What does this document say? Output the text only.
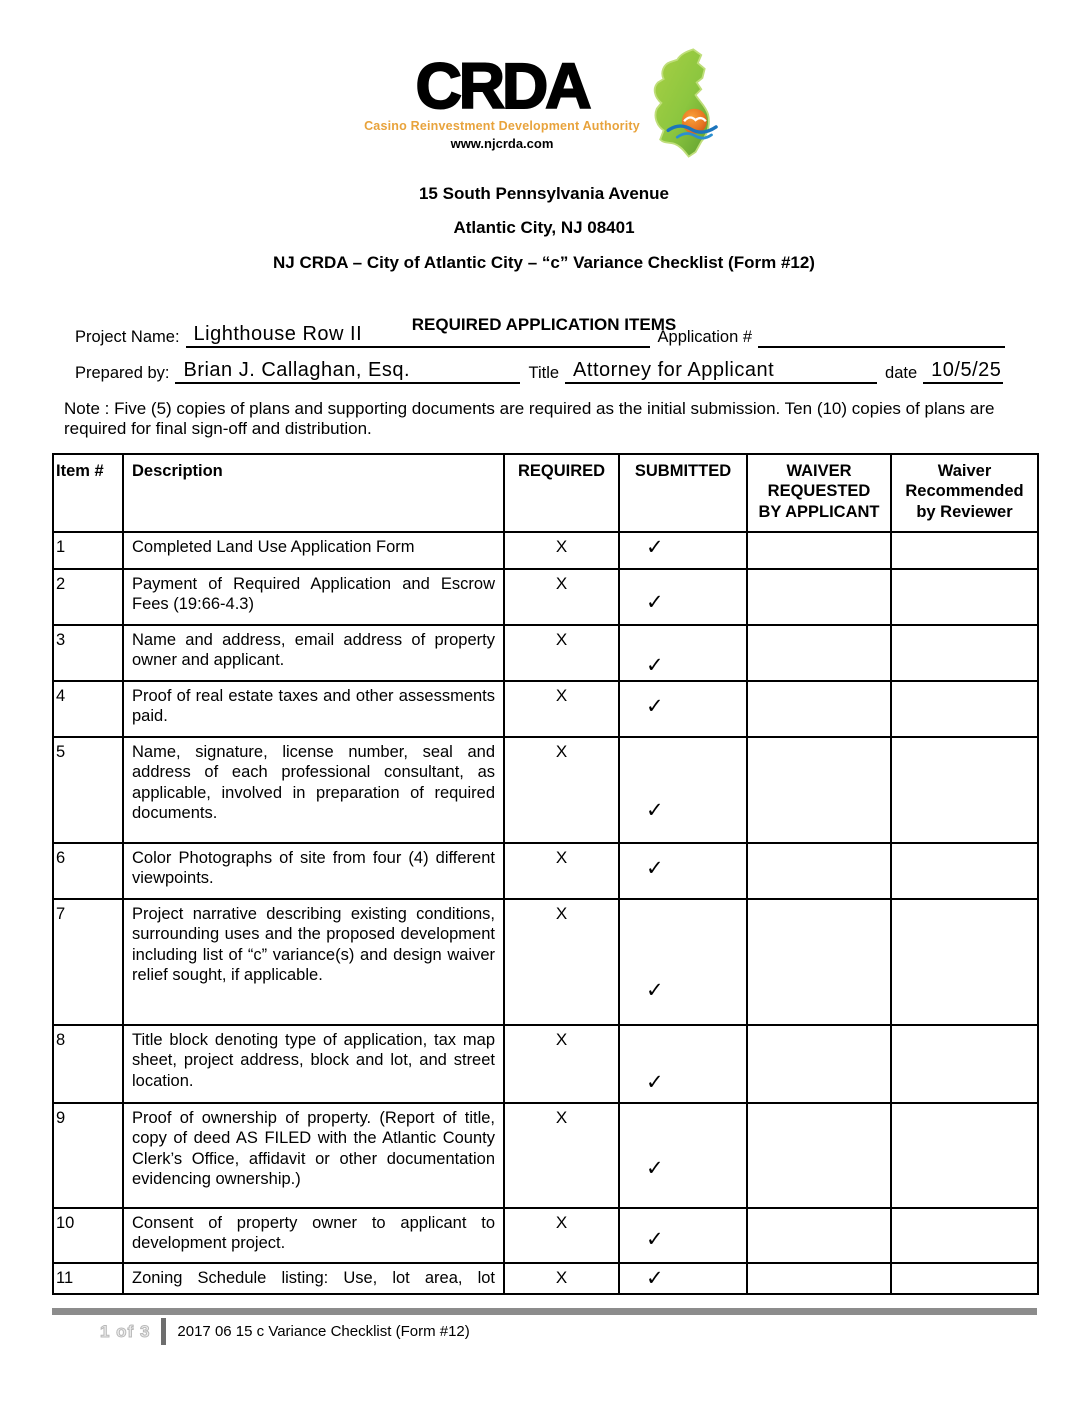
CRDA
Casino Reinvestment Development Authority
www.njcrda.com
15 South Pennsylvania Avenue
Atlantic City, NJ 08401
NJ CRDA – City of Atlantic City – “c” Variance Checklist (Form #12)
REQUIRED APPLICATION ITEMS
Project Name: Lighthouse Row II	Application #
Prepared by: Brian J. Callaghan, Esq.	Title Attorney for Applicant	date 10/5/25

Note : Five (5) copies of plans and supporting documents are required as the initial submission. Ten (10) copies of plans are required for final sign-off and distribution.

Item #	Description	REQUIRED	SUBMITTED	WAIVER REQUESTED BY APPLICANT	Waiver Recommended by Reviewer
1	Completed Land Use Application Form	X	✓		
2	Payment of Required Application and Escrow Fees (19:66-4.3)	X	✓		
3	Name and address, email address of property owner and applicant.	X	✓		
4	Proof of real estate taxes and other assessments paid.	X	✓		
5	Name, signature, license number, seal and address of each professional consultant, as applicable, involved in preparation of required documents.	X	✓		
6	Color Photographs of site from four (4) different viewpoints.	X	✓		
7	Project narrative describing existing conditions, surrounding uses and the proposed development including list of “c” variance(s) and design waiver relief sought, if applicable.	X	✓		
8	Title block denoting type of application, tax map sheet, project address, block and lot, and street location.	X	✓		
9	Proof of ownership of property. (Report of title, copy of deed AS FILED with the Atlantic County Clerk’s Office, affidavit or other documentation evidencing ownership.)	X	✓		
10	Consent of property owner to applicant to development project.	X	✓		
11	Zoning Schedule listing: Use, lot area, lot	X	✓		
1 of 3 2017 06 15 c Variance Checklist (Form #12)
